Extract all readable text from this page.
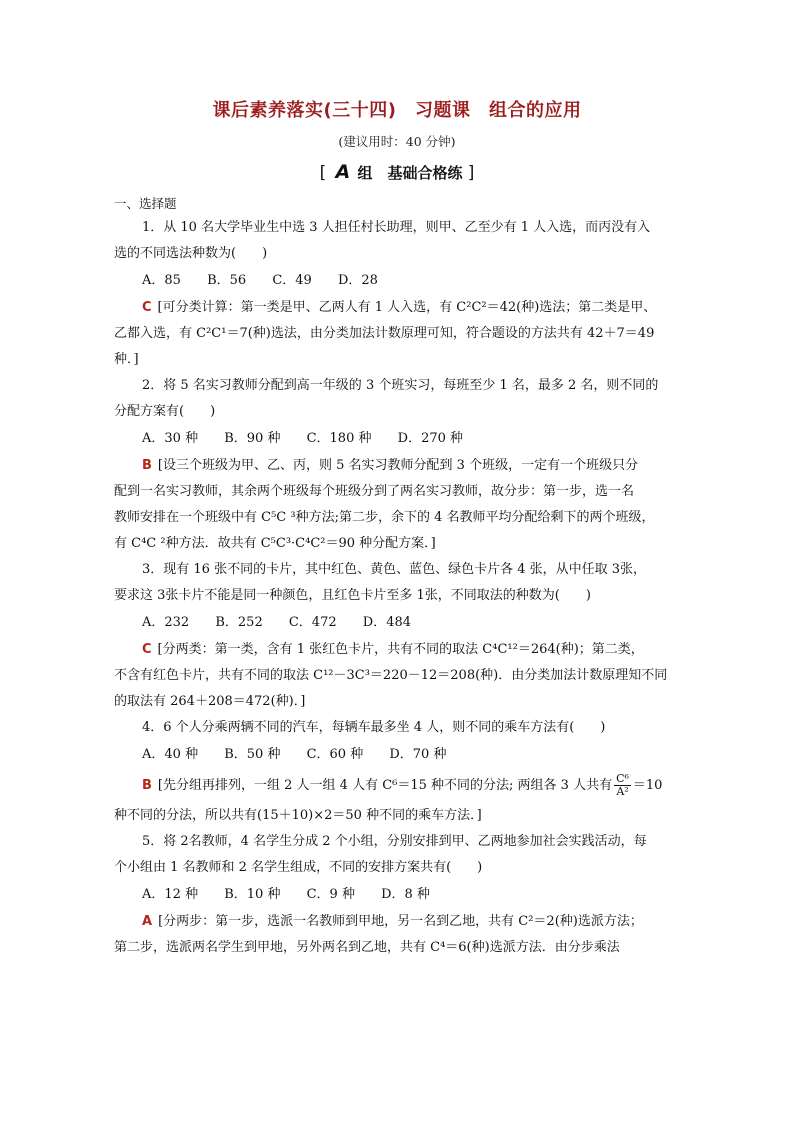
课后素养落实(三十四)　习题课　组合的应用
(建议用时：40 分钟)
[ A 组　基础合格练 ]
一、选择题
1．从 10 名大学毕业生中选 3 人担任村长助理，则甲、乙至少有 1 人入选，而丙没有入
选的不同选法种数为(　　)
A．85 B．56 C．49 D．28
C [可分类计算：第一类是甲、乙两人有 1 人入选，有 C²C²＝42(种)选法；第二类是甲、
乙都入选，有 C²C¹＝7(种)选法，由分类加法计数原理可知，符合题设的方法共有 42＋7＝49
种．]
2．将 5 名实习教师分配到高一年级的 3 个班实习，每班至少 1 名，最多 2 名，则不同的
分配方案有(　　)
A．30 种 B．90 种 C．180 种 D．270 种
B [设三个班级为甲、乙、丙，则 5 名实习教师分配到 3 个班级，一定有一个班级只分
配到一名实习教师，其余两个班级每个班级分到了两名实习教师，故分步：第一步，选一名
教师安排在一个班级中有 C⁵C ³种方法;第二步，余下的 4 名教师平均分配给剩下的两个班级，
有 C⁴C ²种方法．故共有 C⁵C³·C⁴C²＝90 种分配方案．]
3．现有 16 张不同的卡片，其中红色、黄色、蓝色、绿色卡片各 4 张，从中任取 3张，
要求这 3张卡片不能是同一种颜色，且红色卡片至多 1张，不同取法的种数为(　　)
A．232 B．252 C．472 D．484
C [分两类：第一类，含有 1 张红色卡片，共有不同的取法 C⁴C¹²＝264(种)；第二类，
不含有红色卡片，共有不同的取法 C¹²－3C³＝220－12＝208(种)．由分类加法计数原理知不同
的取法有 264＋208＝472(种)．]
4．6 个人分乘两辆不同的汽车，每辆车最多坐 4 人，则不同的乘车方法有(　　)
A．40 种 B．50 种 C．60 种 D．70 种
B [先分组再排列，一组 2 人一组 4 人有 C⁶＝15 种不同的分法; 两组各 3 人共有 $\frac{\text{C⁶}}{\text{A²}} =10$
种不同的分法，所以共有(15＋10)×2＝50 种不同的乘车方法．]
5．将 2名教师，4 名学生分成 2 个小组，分别安排到甲、乙两地参加社会实践活动，每
个小组由 1 名教师和 2 名学生组成，不同的安排方案共有(　　)
A．12 种 B．10 种 C．9 种 D．8 种
A [分两步：第一步，选派一名教师到甲地，另一名到乙地，共有 C²＝2(种)选派方法；
第二步，选派两名学生到甲地，另外两名到乙地，共有 C⁴＝6(种)选派方法．由分步乘法
